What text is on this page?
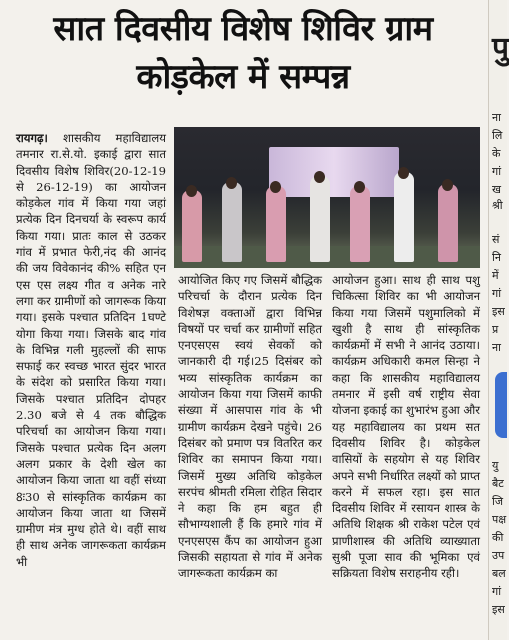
सात दिवसीय विशेष शिविर ग्राम
कोड़केल में सम्पन्न
रायगढ़। शासकीय महाविद्यालय तमनार रा.से.यो. इकाई द्वारा सात दिवसीय विशेष शिविर(20-12-19 से 26-12-19) का आयोजन कोड़केल गांव में किया गया जहां प्रत्येक दिन दिनचर्या के स्वरूप कार्य किया गया। प्रातः काल से उठकर गांव में प्रभात फेरी,नंद की आनंद की जय विवेकानंद की% सहित एन एस एस लक्ष्य गीत व अनेक नारे लगा कर ग्रामीणों को जागरूक किया गया। इसके पश्चात प्रतिदिन 1घण्टे योगा किया गया। जिसके बाद गांव के विभिन्न गली मुहल्लों की साफ सफाई कर स्वच्छ भारत सुंदर भारत के संदेश को प्रसारित किया गया। जिसके पश्चात प्रतिदिन दोपहर 2.30 बजे से 4 तक बौद्धिक परिचर्चा का आयोजन किया गया। जिसके पश्चात प्रत्येक दिन अलग अलग प्रकार के देशी खेल का आयोजन किया जाता था वहीं संध्या 8ः30 से सांस्कृतिक कार्यक्रम का आयोजन किया जाता था जिसमें ग्रामीण मंत्र मुग्ध होते थे। वहीं साथ ही साथ अनेक जागरूकता कार्यक्रम भी
आयोजित किए गए जिसमें बौद्धिक परिचर्चा के दौरान प्रत्येक दिन विशेषज्ञ वक्ताओं द्वारा विभिन्न विषयों पर चर्चा कर ग्रामीणों सहित एनएसएस स्वयं सेवकों को जानकारी दी गई।25 दिसंबर को भव्य सांस्कृतिक कार्यक्रम का आयोजन किया गया जिसमें काफी संख्या में आसपास गांव के भी ग्रामीण कार्यक्रम देखने पहुंचे। 26 दिसंबर को प्रमाण पत्र वितरित कर शिविर का समापन किया गया। जिसमें मुख्य अतिथि कोड़केल सरपंच श्रीमती रमिला रोहित सिदार ने कहा कि हम बहुत ही सौभाग्यशाली हैं कि हमारे गांव में एनएसएस कैंप का आयोजन हुआ जिसकी सहायता से गांव में अनेक जागरूकता कार्यक्रम का
आयोजन हुआ। साथ ही साथ पशु चिकित्सा शिविर का भी आयोजन किया गया जिसमें पशुमालिको में खुशी है साथ ही सांस्कृतिक कार्यक्रमों में सभी ने आनंद उठाया। कार्यक्रम अधिकारी कमल सिन्हा ने कहा कि शासकीय महाविद्यालय तमनार में इसी वर्ष राष्ट्रीय सेवा योजना इकाई का शुभारंभ हुआ और यह महाविद्यालय का प्रथम सत दिवसीय शिविर है। कोड़केल वासियों के सहयोग से यह शिविर अपने सभी निर्धारित लक्ष्यों को प्राप्त करने में सफल रहा। इस सात दिवसीय शिविर में रसायन शास्त्र के अतिथि शिक्षक श्री राकेश पटेल एवं प्राणीशास्त्र की अतिथि व्याख्याता सुश्री पूजा साव की भूमिका एवं सक्रियता विशेष सराहनीय रही।
पु
ना
लि
के
गां
ख
श्री
सं
नि
में
गां
इस
प्र
ना
यु
बैट
जि
पक्ष
की
उप
बल
गां
इस
